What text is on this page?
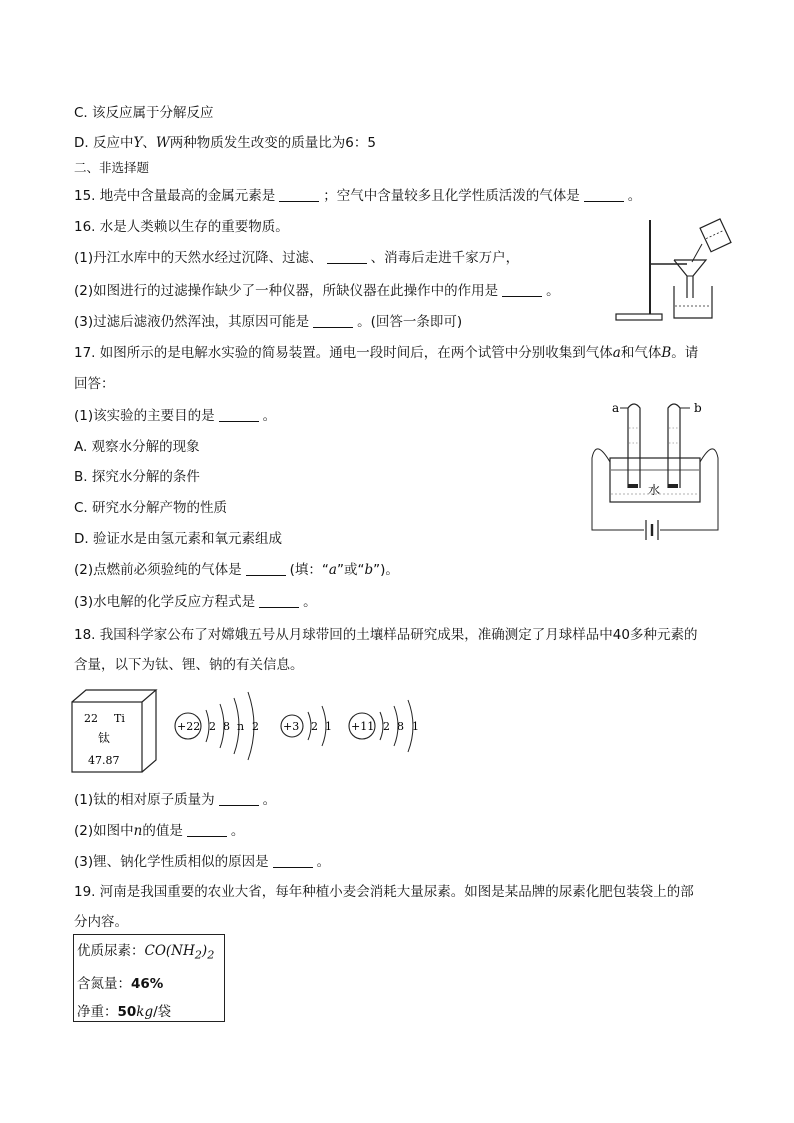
C. 该反应属于分解反应
D. 反应中Y、W两种物质发生改变的质量比为6：5
二、非选择题
15. 地壳中含量最高的金属元素是	；空气中含量较多且化学性质活泼的气体是	。
16. 水是人类赖以生存的重要物质。
(1)丹江水库中的天然水经过沉降、过滤、	、消毒后走进千家万户，
(2)如图进行的过滤操作缺少了一种仪器，所缺仪器在此操作中的作用是	。
(3)过滤后滤液仍然浑浊，其原因可能是	。(回答一条即可)
17. 如图所示的是电解水实验的简易装置。通电一段时间后，在两个试管中分别收集到气体a和气体B。请
回答：
(1)该实验的主要目的是	。
A. 观察水分解的现象
B. 探究水分解的条件
C. 研究水分解产物的性质
D. 验证水是由氢元素和氧元素组成
(2)点燃前必须验纯的气体是	(填：“a”或“b”)。
(3)水电解的化学反应方程式是	。
a	b
水
18. 我国科学家公布了对嫦娥五号从月球带回的土壤样品研究成果，准确测定了月球样品中40多种元素的
含量，以下为钛、锂、钠的有关信息。
22 Ti
钛
47.87
+22 2 8 n 2 +3 2 1 +11 2 8 1
(1)钛的相对原子质量为	。
(2)如图中n的值是	。
(3)锂、钠化学性质相似的原因是	。
19. 河南是我国重要的农业大省，每年种植小麦会消耗大量尿素。如图是某品牌的尿素化肥包装袋上的部
分内容。
优质尿素：$CO(NH_2)_2$
含氮量：46%
净重：50kg/袋
